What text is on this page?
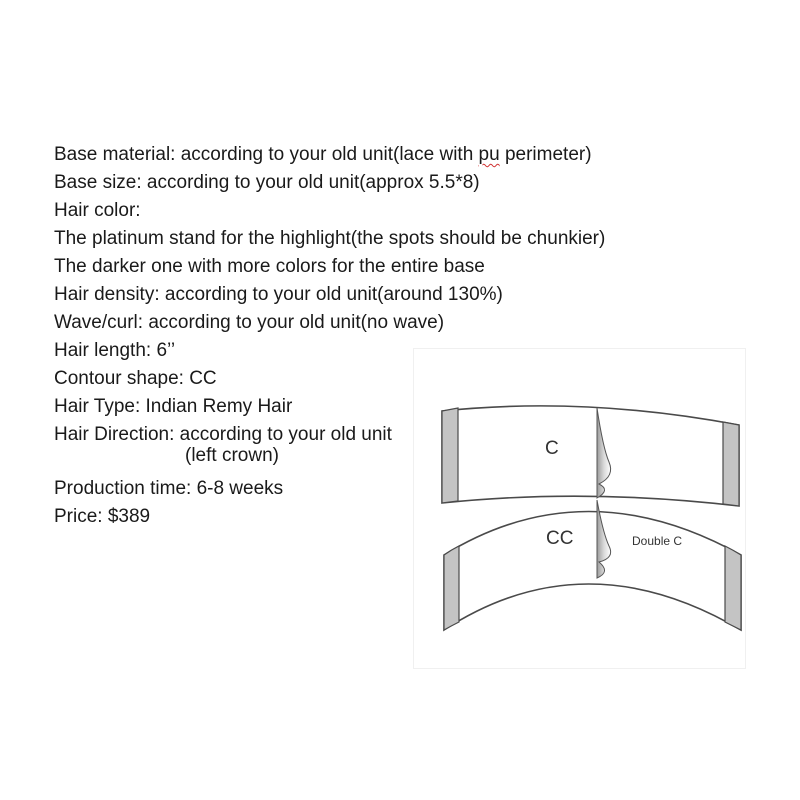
Base material: according to your old unit(lace with pu perimeter)
Base size: according to your old unit(approx 5.5*8)
Hair color:
The platinum stand for the highlight(the spots should be chunkier)
The darker one with more colors for the entire base
Hair density: according to your old unit(around 130%)
Wave/curl: according to your old unit(no wave)
Hair length: 6’’
Contour shape: CC
Hair Type: Indian Remy Hair
Hair Direction: according to your old unit
(left crown)
Production time: 6-8 weeks
Price: $389
C
CC	Double C
